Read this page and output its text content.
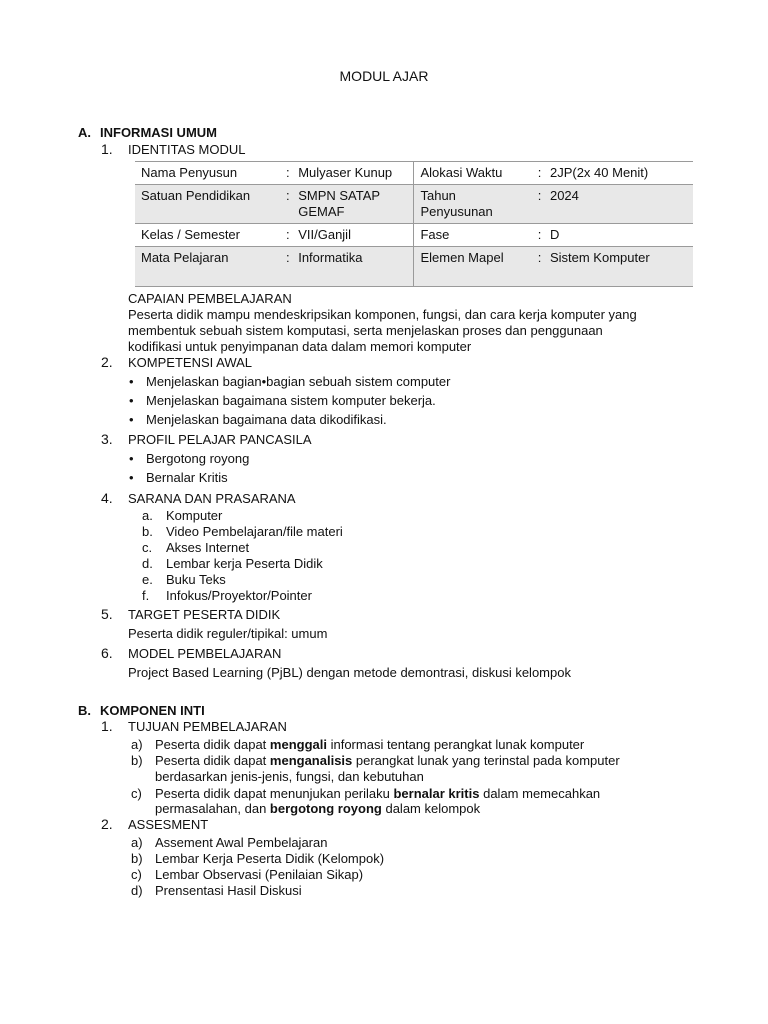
MODUL AJAR
A. INFORMASI UMUM
1. IDENTITAS MODUL
Nama Penyusun	:	Mulyaser Kunup	Alokasi Waktu	:	2JP(2x 40 Menit)
Satuan Pendidikan	:	SMPN SATAP GEMAF	Tahun Penyusunan	:	2024
Kelas / Semester	:	VII/Ganjil	Fase	:	D
Mata Pelajaran	:	Informatika	Elemen Mapel	:	Sistem Komputer
CAPAIAN PEMBELAJARAN
Peserta didik mampu mendeskripsikan komponen, fungsi, dan cara kerja komputer yang
membentuk sebuah sistem komputasi, serta menjelaskan proses dan penggunaan
kodifikasi untuk penyimpanan data dalam memori komputer
2. KOMPETENSI AWAL
• Menjelaskan bagian•bagian sebuah sistem computer
• Menjelaskan bagaimana sistem komputer bekerja.
• Menjelaskan bagaimana data dikodifikasi.
3. PROFIL PELAJAR PANCASILA
• Bergotong royong
• Bernalar Kritis
4. SARANA DAN PRASARANA
a. Komputer
b. Video Pembelajaran/file materi
c. Akses Internet
d. Lembar kerja Peserta Didik
e. Buku Teks
f. Infokus/Proyektor/Pointer
5. TARGET PESERTA DIDIK
Peserta didik reguler/tipikal: umum
6. MODEL PEMBELAJARAN
Project Based Learning (PjBL) dengan metode demontrasi, diskusi kelompok
B. KOMPONEN INTI
1. TUJUAN PEMBELAJARAN
a) Peserta didik dapat menggali informasi tentang perangkat lunak komputer
b) Peserta didik dapat menganalisis perangkat lunak yang terinstal pada komputer
berdasarkan jenis-jenis, fungsi, dan kebutuhan
c) Peserta didik dapat menunjukan perilaku bernalar kritis dalam memecahkan
permasalahan, dan bergotong royong dalam kelompok
2. ASSESMENT
a) Assement Awal Pembelajaran
b) Lembar Kerja Peserta Didik (Kelompok)
c) Lembar Observasi (Penilaian Sikap)
d) Prensentasi Hasil Diskusi
